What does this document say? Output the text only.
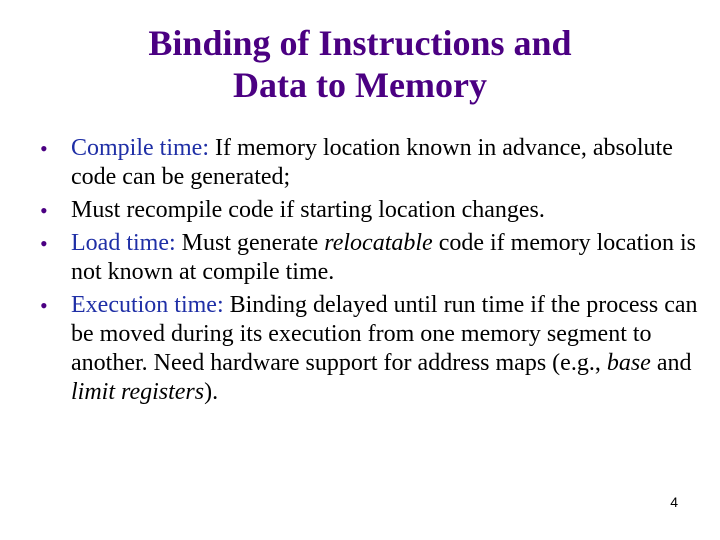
Binding of Instructions and
Data to Memory
• Compile time: If memory location known in advance, absolute code can be generated;
• Must recompile code if starting location changes.
• Load time: Must generate relocatable code if memory location is not known at compile time.
• Execution time: Binding delayed until run time if the process can be moved during its execution from one memory segment to another. Need hardware support for address maps (e.g., base and limit registers).
4
